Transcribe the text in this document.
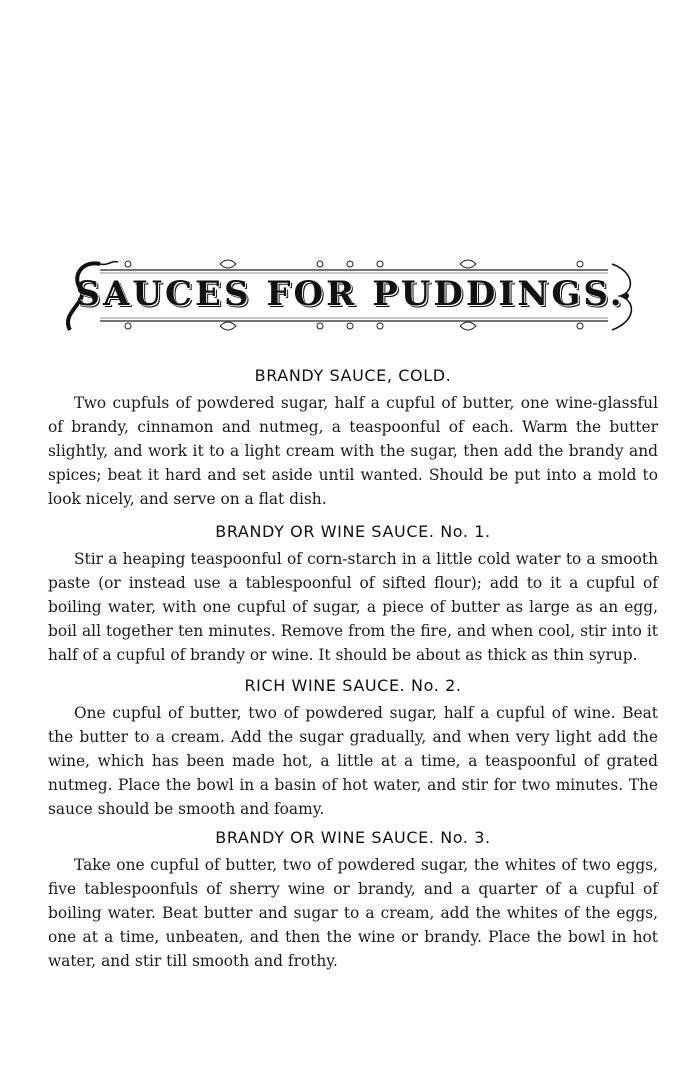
SAUCES FOR PUDDINGS.
BRANDY SAUCE, COLD.

Two cupfuls of powdered sugar, half a cupful of butter, one wine-glassful of brandy, cinnamon and nutmeg, a teaspoonful of each. Warm the butter slightly, and work it to a light cream with the sugar, then add the brandy and spices; beat it hard and set aside until wanted. Should be put into a mold to look nicely, and serve on a flat dish.

BRANDY OR WINE SAUCE. No. 1.

Stir a heaping teaspoonful of corn-starch in a little cold water to a smooth paste (or instead use a tablespoonful of sifted flour); add to it a cupful of boiling water, with one cupful of sugar, a piece of butter as large as an egg, boil all together ten minutes. Remove from the fire, and when cool, stir into it half of a cupful of brandy or wine. It should be about as thick as thin syrup.

RICH WINE SAUCE. No. 2.

One cupful of butter, two of powdered sugar, half a cupful of wine. Beat the butter to a cream. Add the sugar gradually, and when very light add the wine, which has been made hot, a little at a time, a teaspoonful of grated nutmeg. Place the bowl in a basin of hot water, and stir for two minutes. The sauce should be smooth and foamy.

BRANDY OR WINE SAUCE. No. 3.

Take one cupful of butter, two of powdered sugar, the whites of two eggs, five tablespoonfuls of sherry wine or brandy, and a quarter of a cupful of boiling water. Beat butter and sugar to a cream, add the whites of the eggs, one at a time, unbeaten, and then the wine or brandy. Place the bowl in hot water, and stir till smooth and frothy.
